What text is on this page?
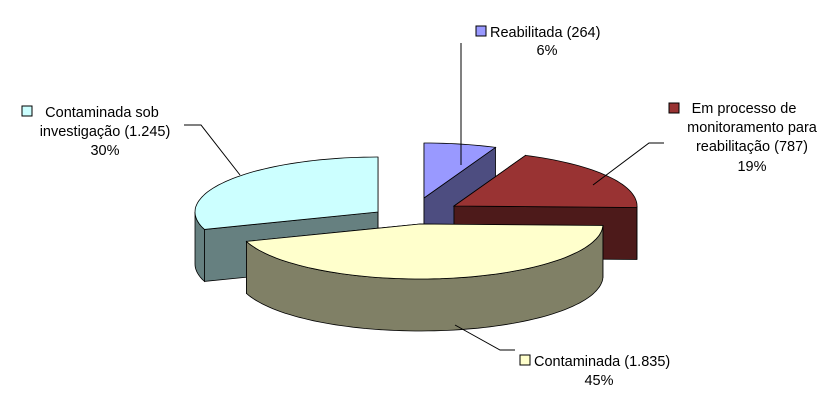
Reabilitada (264)
6%
Em processo de
monitoramento para
reabilitação (787)
19%
Contaminada (1.835)
45%
Contaminada sob
investigação (1.245)
30%
